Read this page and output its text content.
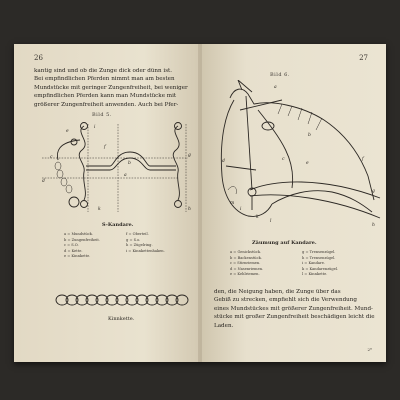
26
kantig sind und ob die Zunge dick oder dünn ist.
Bei empfindlichen Pferden nimmt man am besten
Mundstücke mit geringer Zungenfreiheit, bei weniger
empfindlichen Pferden kann man Mundstücke mit
größerer Zungenfreiheit anwenden. Auch bei Pfer-
Bild 5.
e
i
f
c
b
a
d
g
h
k
S-Kandare.
a = Mundstück.
b = Zungenfreiheit.
c = S.O.
d = Kette.
e = Kinnkette.
f = Oberteil.
g = S.o.
h = Zügelring.
i = Kinnkettenhaken.
Kinnkette.
27
Bild 6.
a
b
c
d	e
f
g
h
i
k
l
m
Zäumung auf Kandare.
a = Genickstück.
b = Backenstück.
c = Stirnriemen.
d = Nasenriemen.
e = Kehlriemen.
g = Trensenzügel.
h = Trensenzügel.
i = Kandare.
k = Kandarenzügel.
l = Kinnkette.
den, die Neigung haben, die Zunge über das
Gebiß zu strecken, empfiehlt sich die Verwendung
eines Mundstückes mit größerer Zungenfreiheit. Mund-
stücke mit großer Zungenfreiheit beschädigen leicht die
Laden.
2*
